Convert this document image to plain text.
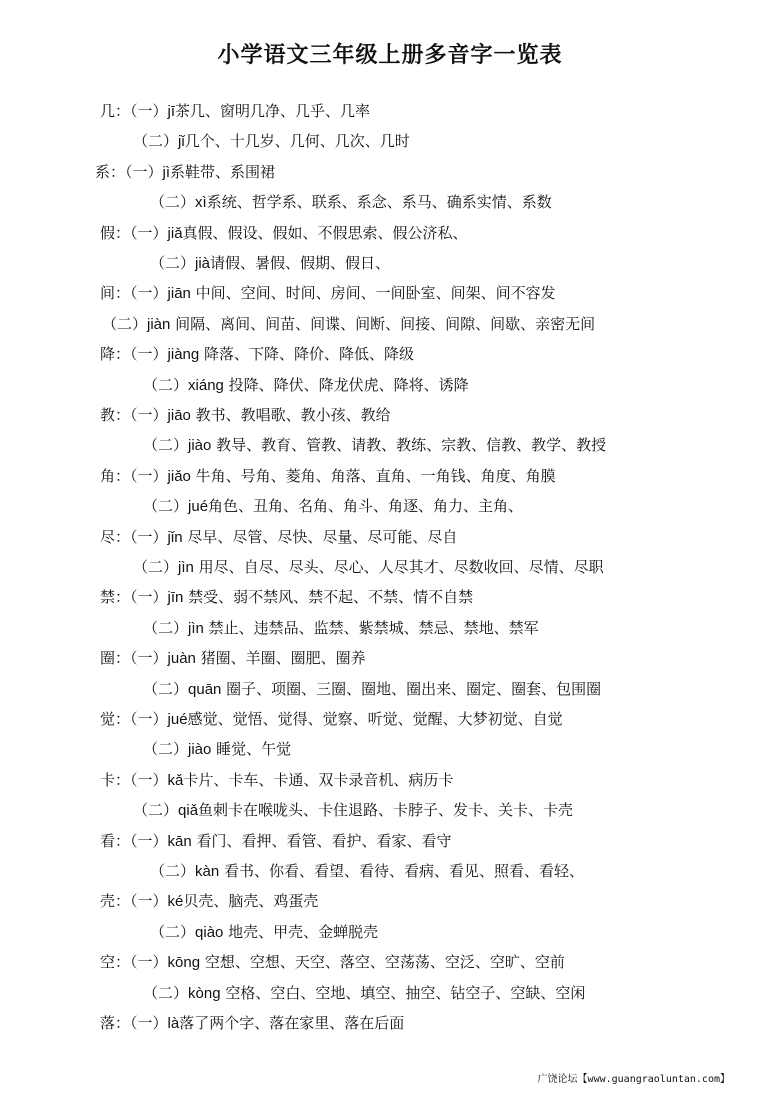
小学语文三年级上册多音字一览表
几：（一）jī茶几、窗明几净、几乎、几率
（二）jǐ几个、十几岁、几何、几次、几时
系：（一）jì系鞋带、系围裙
（二）xì系统、哲学系、联系、系念、系马、确系实情、系数
假：（一）jiǎ真假、假设、假如、不假思索、假公济私、
（二）jià请假、暑假、假期、假日、
间：（一）jiān 中间、空间、时间、房间、一间卧室、间架、间不容发
（二）jiàn 间隔、离间、间苗、间谍、间断、间接、间隙、间歇、亲密无间
降：（一）jiàng 降落、下降、降价、降低、降级
（二）xiáng 投降、降伏、降龙伏虎、降将、诱降
教：（一）jiāo 教书、教唱歌、教小孩、教给
（二）jiào 教导、教育、管教、请教、教练、宗教、信教、教学、教授
角：（一）jiǎo 牛角、号角、菱角、角落、直角、一角钱、角度、角膜
（二）jué角色、丑角、名角、角斗、角逐、角力、主角、
尽：（一）jǐn 尽早、尽管、尽快、尽量、尽可能、尽自
（二）jìn 用尽、自尽、尽头、尽心、人尽其才、尽数收回、尽情、尽职
禁：（一）jīn 禁受、弱不禁风、禁不起、不禁、情不自禁
（二）jìn 禁止、违禁品、监禁、紫禁城、禁忌、禁地、禁军
圈：（一）juàn 猪圈、羊圈、圈肥、圈养
（二）quān 圈子、项圈、三圈、圈地、圈出来、圈定、圈套、包围圈
觉：（一）jué感觉、觉悟、觉得、觉察、听觉、觉醒、大梦初觉、自觉
（二）jiào 睡觉、午觉
卡：（一）kǎ卡片、卡车、卡通、双卡录音机、病历卡
（二）qiǎ鱼刺卡在喉咙头、卡住退路、卡脖子、发卡、关卡、卡壳
看：（一）kān 看门、看押、看管、看护、看家、看守
（二）kàn 看书、你看、看望、看待、看病、看见、照看、看轻、
壳：（一）ké贝壳、脑壳、鸡蛋壳
（二）qiào 地壳、甲壳、金蝉脱壳
空：（一）kōng 空想、空想、天空、落空、空荡荡、空泛、空旷、空前
（二）kòng 空格、空白、空地、填空、抽空、钻空子、空缺、空闲
落：（一）là落了两个字、落在家里、落在后面
广饶论坛【www.guangraoluntan.com】
